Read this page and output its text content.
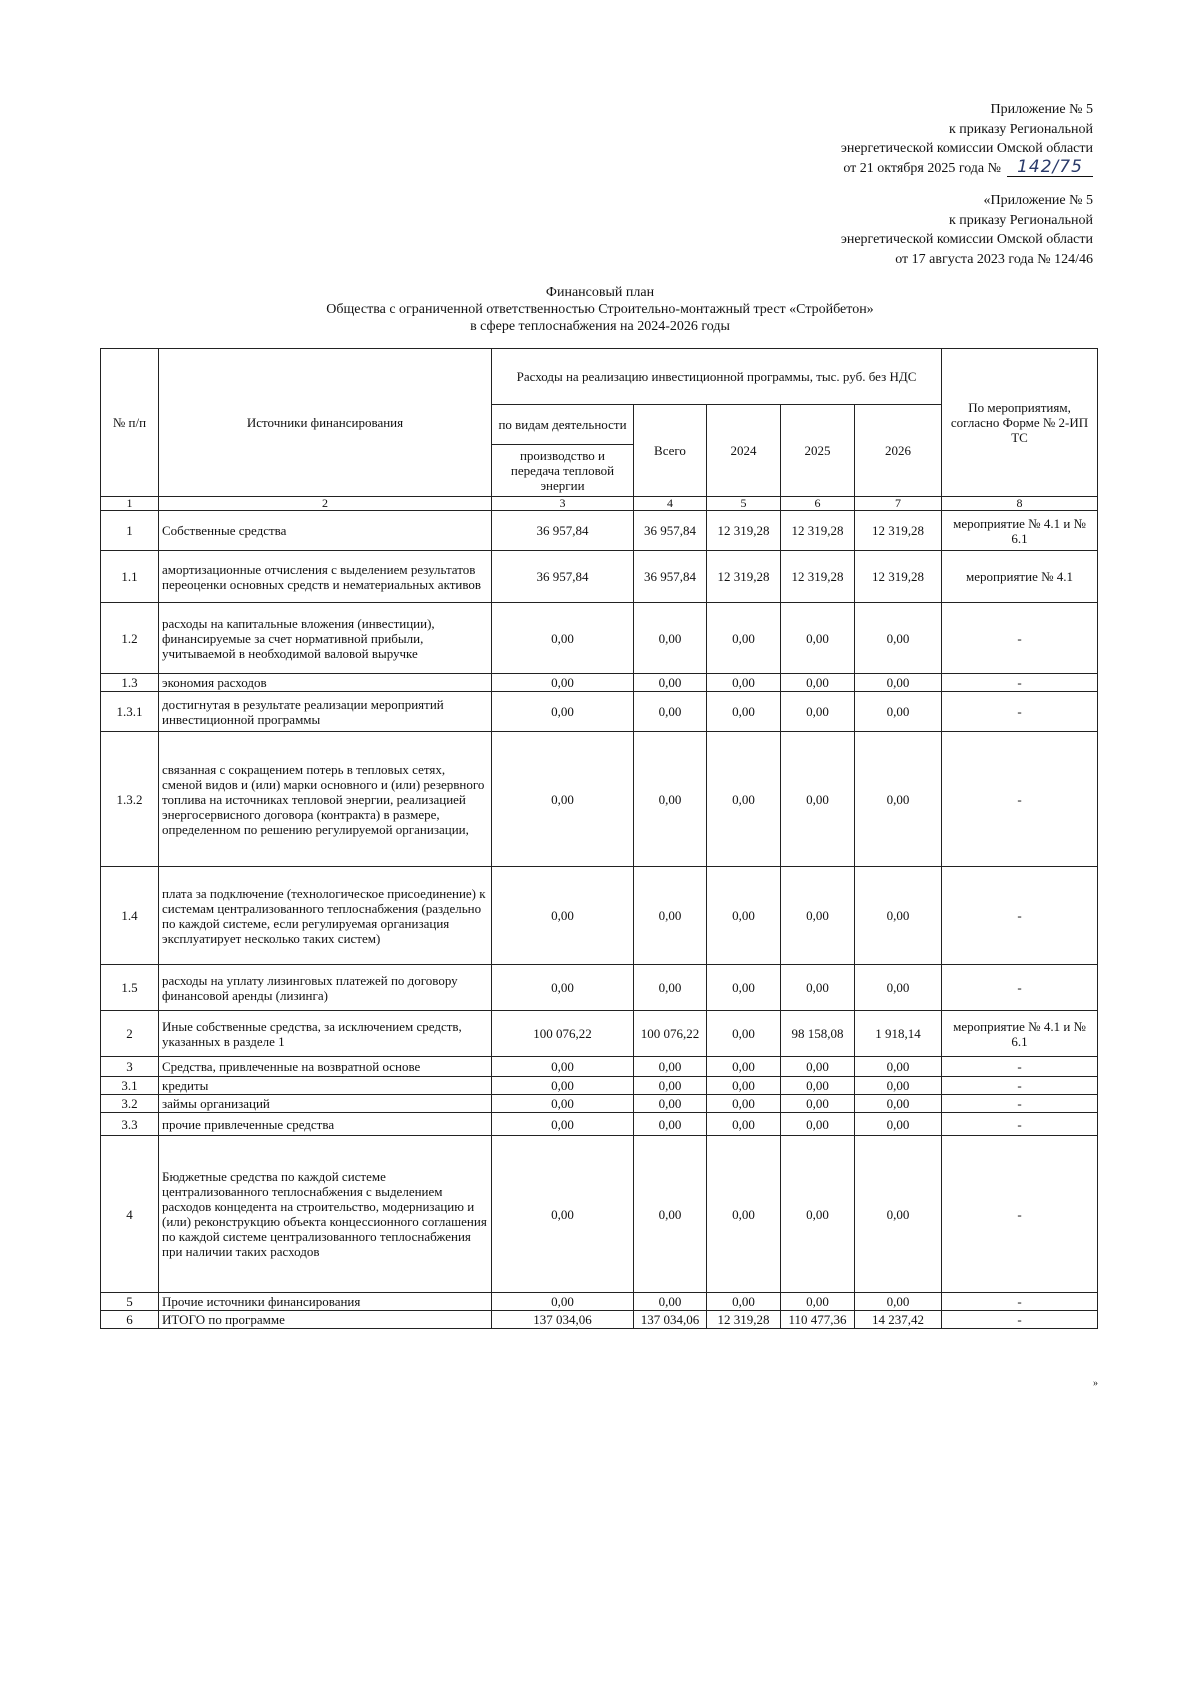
Приложение № 5
к приказу Региональной
энергетической комиссии Омской области
от 21 октября 2025 года № 142/75
«Приложение № 5
к приказу Региональной
энергетической комиссии Омской области
от 17 августа 2023 года № 124/46
Финансовый план
Общества с ограниченной ответственностью Строительно-монтажный трест «Стройбетон»
в сфере теплоснабжения на 2024-2026 годы
№ п/п	Источники финансирования	Расходы на реализацию инвестиционной программы, тыс. руб. без НДС					По мероприятиям, согласно Форме № 2-ИП ТС
		по видам деятельности	Всего	2024	2025	2026	
		производство и передача тепловой энергии					
1	2	3	4	5	6	7	8
1	Собственные средства	36 957,84	36 957,84	12 319,28	12 319,28	12 319,28	мероприятие № 4.1 и № 6.1
1.1	амортизационные отчисления с выделением результатов переоценки основных средств и нематериальных активов	36 957,84	36 957,84	12 319,28	12 319,28	12 319,28	мероприятие № 4.1
1.2	расходы на капитальные вложения (инвестиции), финансируемые за счет нормативной прибыли, учитываемой в необходимой валовой выручке	0,00	0,00	0,00	0,00	0,00	-
1.3	экономия расходов	0,00	0,00	0,00	0,00	0,00	-
1.3.1	достигнутая в результате реализации мероприятий инвестиционной программы	0,00	0,00	0,00	0,00	0,00	-
1.3.2	связанная с сокращением потерь в тепловых сетях, сменой видов и (или) марки основного и (или) резервного топлива на источниках тепловой энергии, реализацией энергосервисного договора (контракта) в размере, определенном по решению регулируемой организации,	0,00	0,00	0,00	0,00	0,00	-
1.4	плата за подключение (технологическое присоединение) к системам централизованного теплоснабжения (раздельно по каждой системе, если регулируемая организация эксплуатирует несколько таких систем)	0,00	0,00	0,00	0,00	0,00	-
1.5	расходы на уплату лизинговых платежей по договору финансовой аренды (лизинга)	0,00	0,00	0,00	0,00	0,00	-
2	Иные собственные средства, за исключением средств, указанных в разделе 1	100 076,22	100 076,22	0,00	98 158,08	1 918,14	мероприятие № 4.1 и № 6.1
3	Средства, привлеченные на возвратной основе	0,00	0,00	0,00	0,00	0,00	-
3.1	кредиты	0,00	0,00	0,00	0,00	0,00	-
3.2	займы организаций	0,00	0,00	0,00	0,00	0,00	-
3.3	прочие привлеченные средства	0,00	0,00	0,00	0,00	0,00	-
4	Бюджетные средства по каждой системе централизованного теплоснабжения с выделением расходов концедента на строительство, модернизацию и (или) реконструкцию объекта концессионного соглашения по каждой системе централизованного теплоснабжения при наличии таких расходов	0,00	0,00	0,00	0,00	0,00	-
5	Прочие источники финансирования	0,00	0,00	0,00	0,00	0,00	-
6	ИТОГО по программе	137 034,06	137 034,06	12 319,28	110 477,36	14 237,42	-
»
